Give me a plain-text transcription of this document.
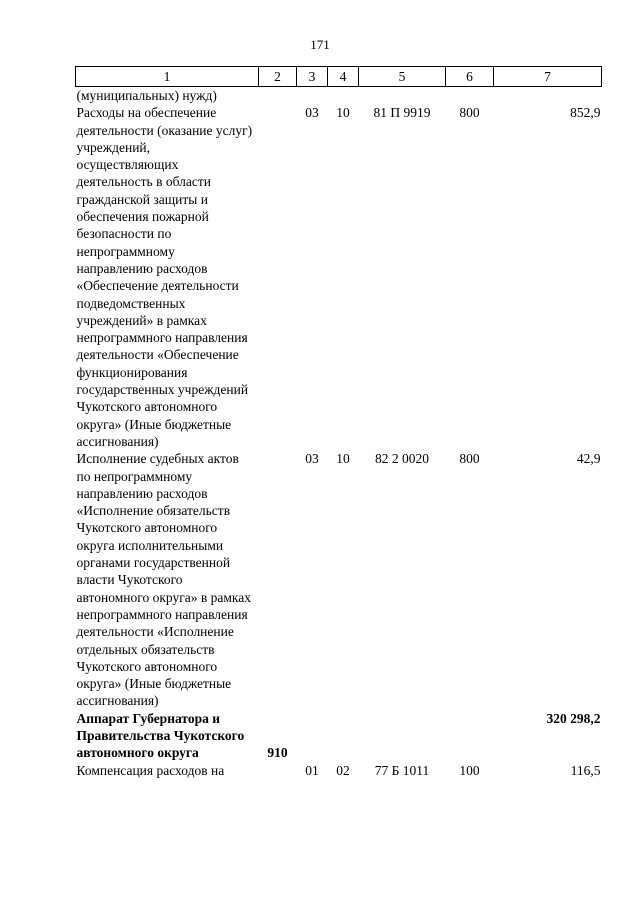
171
1	2	3	4	5	6	7
(муниципальных) нужд)						
Расходы на обеспечение деятельности (оказание услуг) учреждений, осуществляющих деятельность в области гражданской защиты и обеспечения пожарной безопасности по непрограммному направлению расходов «Обеспечение деятельности подведомственных учреждений» в рамках непрограммного направления деятельности «Обеспечение функционирования государственных учреждений Чукотского автономного округа» (Иные бюджетные ассигнования)		03	10	81 П 9919	800	852,9
Исполнение судебных актов по непрограммному направлению расходов «Исполнение обязательств Чукотского автономного округа исполнительными органами государственной власти Чукотского автономного округа» в рамках непрограммного направления деятельности «Исполнение отдельных обязательств Чукотского автономного округа» (Иные бюджетные ассигнования)		03	10	82 2 0020	800	42,9
Аппарат Губернатора и Правительства Чукотского автономного округа	910					320 298,2
Компенсация расходов на		01	02	77 Б 1011	100	116,5
